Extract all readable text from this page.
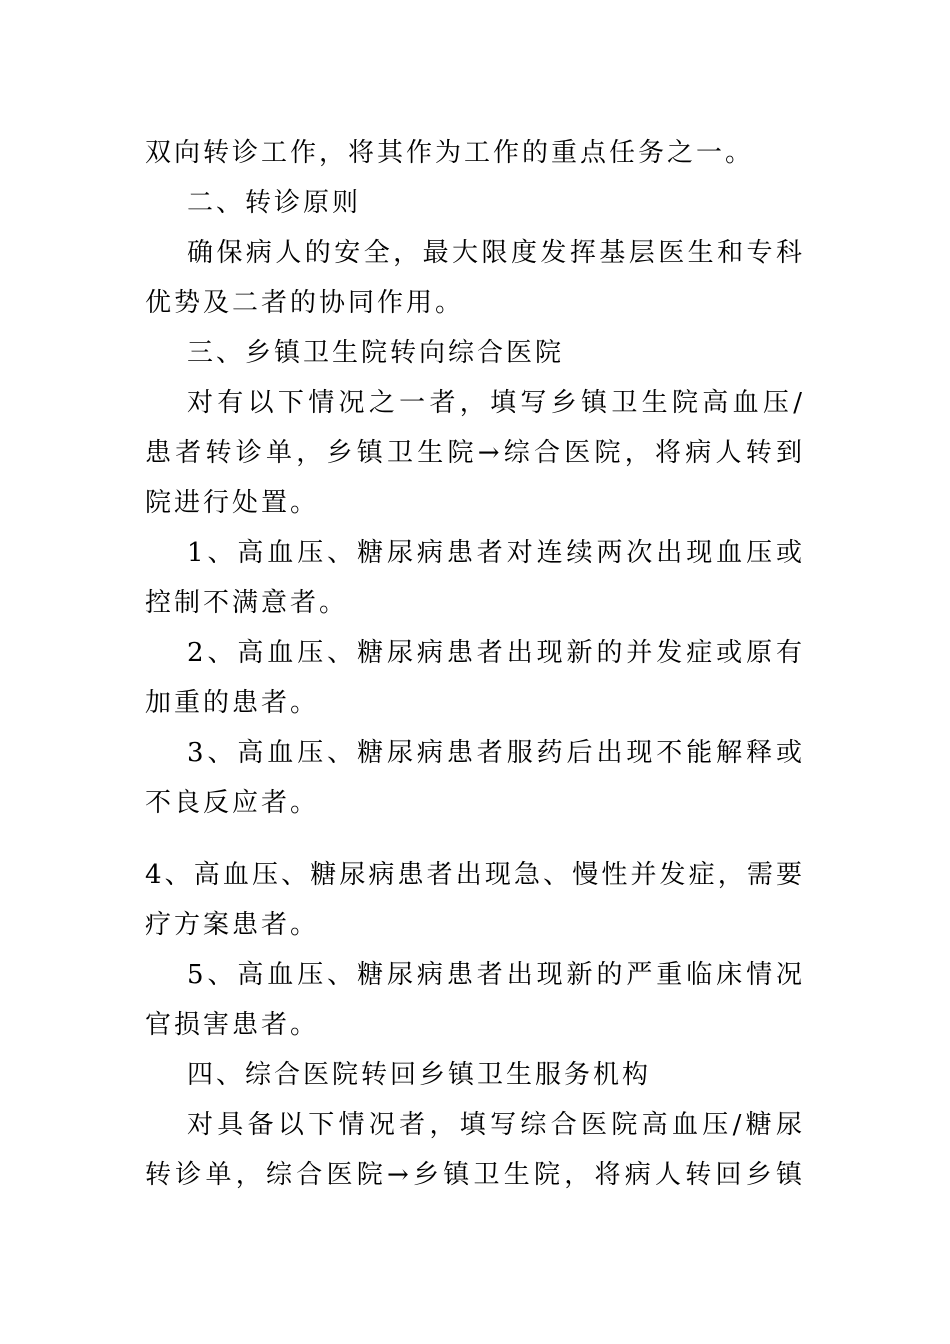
双向转诊工作，将其作为工作的重点任务之一。
二、转诊原则
确保病人的安全，最大限度发挥基层医生和专科
优势及二者的协同作用。
三、乡镇卫生院转向综合医院
对有以下情况之一者，填写乡镇卫生院高血压/
患者转诊单，乡镇卫生院→综合医院，将病人转到
院进行处置。
1、高血压、糖尿病患者对连续两次出现血压或
控制不满意者。
2、高血压、糖尿病患者出现新的并发症或原有
加重的患者。
3、高血压、糖尿病患者服药后出现不能解释或
不良反应者。
4、高血压、糖尿病患者出现急、慢性并发症，需要
疗方案患者。
5、高血压、糖尿病患者出现新的严重临床情况
官损害患者。
四、综合医院转回乡镇卫生服务机构
对具备以下情况者，填写综合医院高血压/糖尿
转诊单，综合医院→乡镇卫生院，将病人转回乡镇
